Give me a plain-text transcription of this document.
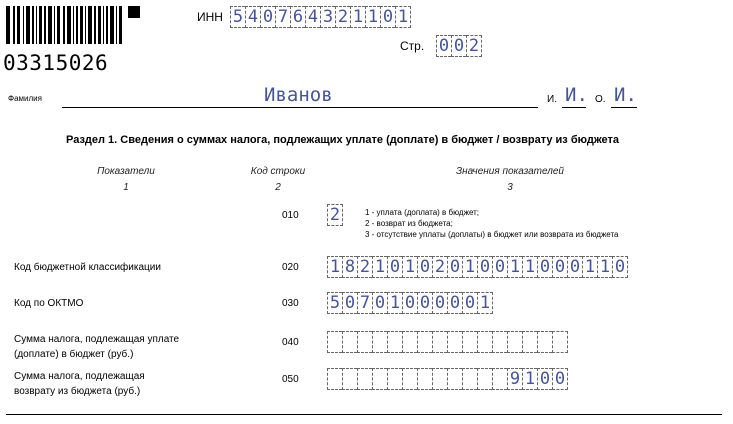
03315026
ИНН 5 4 0 7 6 4 3 2 1 1 0 1
Стр. 0 0 2
Фамилия	Иванов	И. И. О. И.
Раздел 1. Сведения о суммах налога, подлежащих уплате (доплате) в бюджет / возврату из бюджета
Показатели
1
Код строки
2
Значения показателей
3
010 2	1 - уплата (доплата) в бюджет;
2 - возврат из бюджета;
3 - отсутствие уплаты (доплаты) в бюджет или возврата из бюджета
Код бюджетной классификации	020 1 8 2 1 0 1 0 2 0 1 0 0 1 1 0 0 0 1 1 0
Код по ОКТМО	030 5 0 7 0 1 0 0 0 0 0 1
Сумма налога, подлежащая уплате
(доплате) в бюджет (руб.)
040
Сумма налога, подлежащая
возврату из бюджета (руб.)
050	9 1 0 0
